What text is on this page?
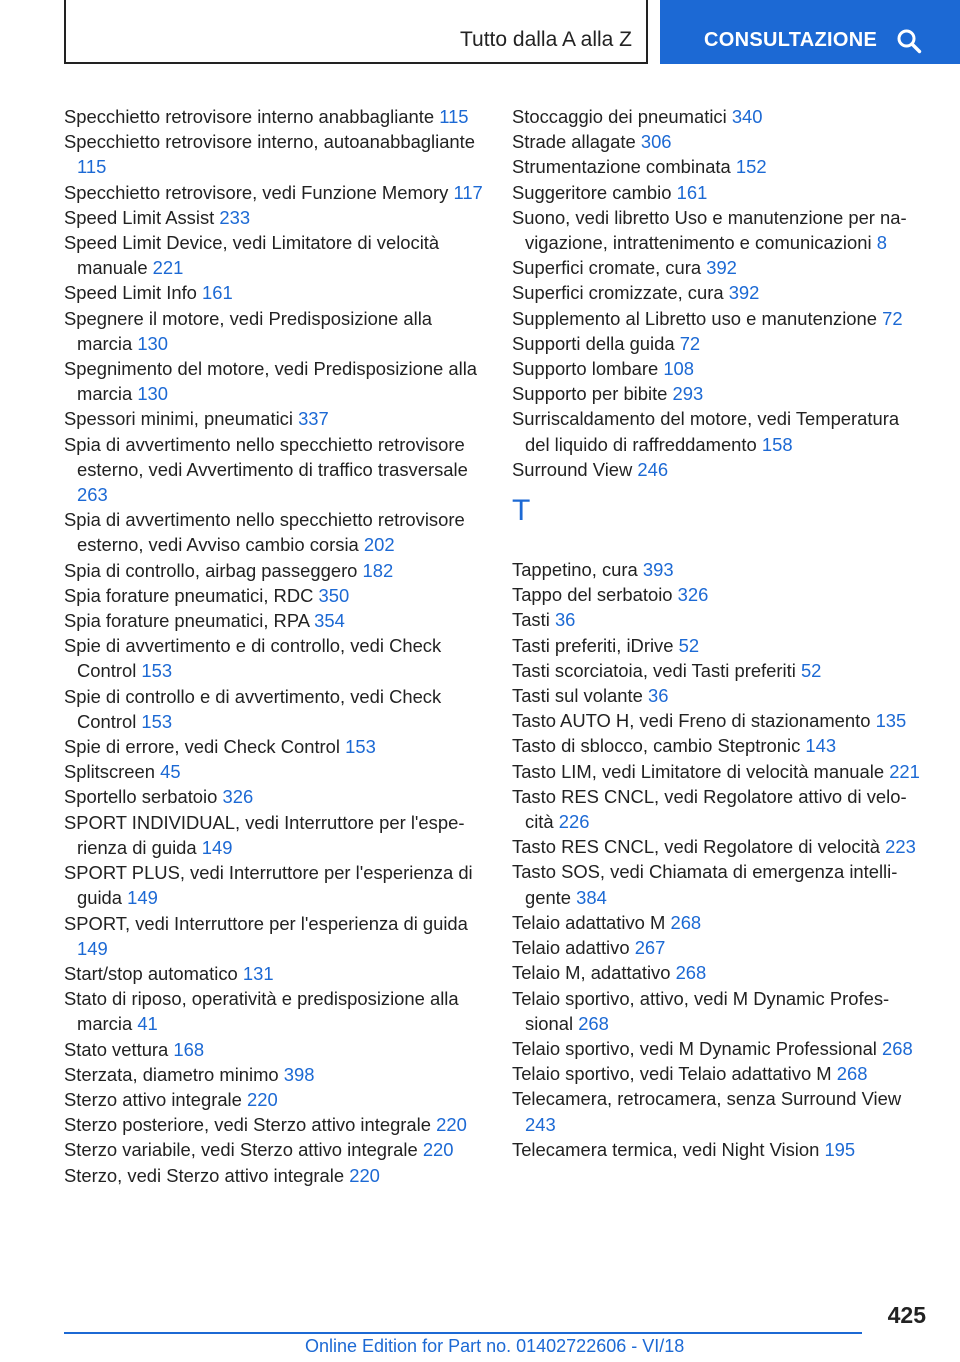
Tutto dalla A alla Z	CONSULTAZIONE
Specchietto retrovisore interno anabbagliante 115
Specchietto retrovisore interno, autoanabbagliante 115
Specchietto retrovisore, vedi Funzione Memory 117
Speed Limit Assist 233
Speed Limit Device, vedi Limitatore di velocità manuale 221
Speed Limit Info 161
Spegnere il motore, vedi Predisposizione alla marcia 130
Spegnimento del motore, vedi Predisposizione alla marcia 130
Spessori minimi, pneumatici 337
Spia di avvertimento nello specchietto retrovisore esterno, vedi Avvertimento di traffico trasversale 263
Spia di avvertimento nello specchietto retrovisore esterno, vedi Avviso cambio corsia 202
Spia di controllo, airbag passeggero 182
Spia forature pneumatici, RDC 350
Spia forature pneumatici, RPA 354
Spie di avvertimento e di controllo, vedi Check Control 153
Spie di controllo e di avvertimento, vedi Check Control 153
Spie di errore, vedi Check Control 153
Splitscreen 45
Sportello serbatoio 326
SPORT INDIVIDUAL, vedi Interruttore per l'esperienza di guida 149
SPORT PLUS, vedi Interruttore per l'esperienza di guida 149
SPORT, vedi Interruttore per l'esperienza di guida 149
Start/stop automatico 131
Stato di riposo, operatività e predisposizione alla marcia 41
Stato vettura 168
Sterzata, diametro minimo 398
Sterzo attivo integrale 220
Sterzo posteriore, vedi Sterzo attivo integrale 220
Sterzo variabile, vedi Sterzo attivo integrale 220
Sterzo, vedi Sterzo attivo integrale 220
Stoccaggio dei pneumatici 340
Strade allagate 306
Strumentazione combinata 152
Suggeritore cambio 161
Suono, vedi libretto Uso e manutenzione per navigazione, intrattenimento e comunicazioni 8
Superfici cromate, cura 392
Superfici cromizzate, cura 392
Supplemento al Libretto uso e manutenzione 72
Supporti della guida 72
Supporto lombare 108
Supporto per bibite 293
Surriscaldamento del motore, vedi Temperatura del liquido di raffreddamento 158
Surround View 246
T
Tappetino, cura 393
Tappo del serbatoio 326
Tasti 36
Tasti preferiti, iDrive 52
Tasti scorciatoia, vedi Tasti preferiti 52
Tasti sul volante 36
Tasto AUTO H, vedi Freno di stazionamento 135
Tasto di sblocco, cambio Steptronic 143
Tasto LIM, vedi Limitatore di velocità manuale 221
Tasto RES CNCL, vedi Regolatore attivo di velocità 226
Tasto RES CNCL, vedi Regolatore di velocità 223
Tasto SOS, vedi Chiamata di emergenza intelligente 384
Telaio adattativo M 268
Telaio adattivo 267
Telaio M, adattativo 268
Telaio sportivo, attivo, vedi M Dynamic Professional 268
Telaio sportivo, vedi M Dynamic Professional 268
Telaio sportivo, vedi Telaio adattativo M 268
Telecamera, retrocamera, senza Surround View 243
Telecamera termica, vedi Night Vision 195
425
Online Edition for Part no. 01402722606 - VI/18
